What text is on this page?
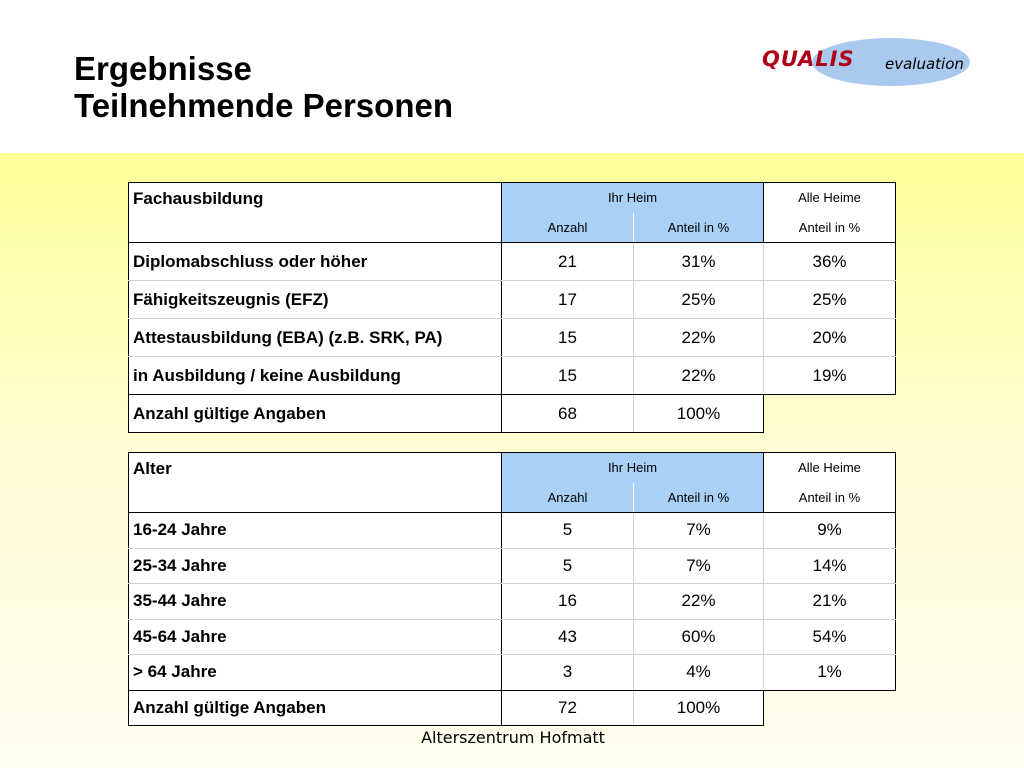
Ergebnisse
Teilnehmende Personen
QUALIS evaluation
Fachausbildung	Ihr Heim		Alle Heime
	Anzahl	Anteil in %	Anteil in %
Diplomabschluss oder höher	21	31%	36%
Fähigkeitszeugnis (EFZ)	17	25%	25%
Attestausbildung (EBA) (z.B. SRK, PA)	15	22%	20%
in Ausbildung / keine Ausbildung	15	22%	19%
Anzahl gültige Angaben	68	100%	
Alter	Ihr Heim		Alle Heime
	Anzahl	Anteil in %	Anteil in %
16-24 Jahre	5	7%	9%
25-34 Jahre	5	7%	14%
35-44 Jahre	16	22%	21%
45-64 Jahre	43	60%	54%
> 64 Jahre	3	4%	1%
Anzahl gültige Angaben	72	100%	
Alterszentrum Hofmatt
